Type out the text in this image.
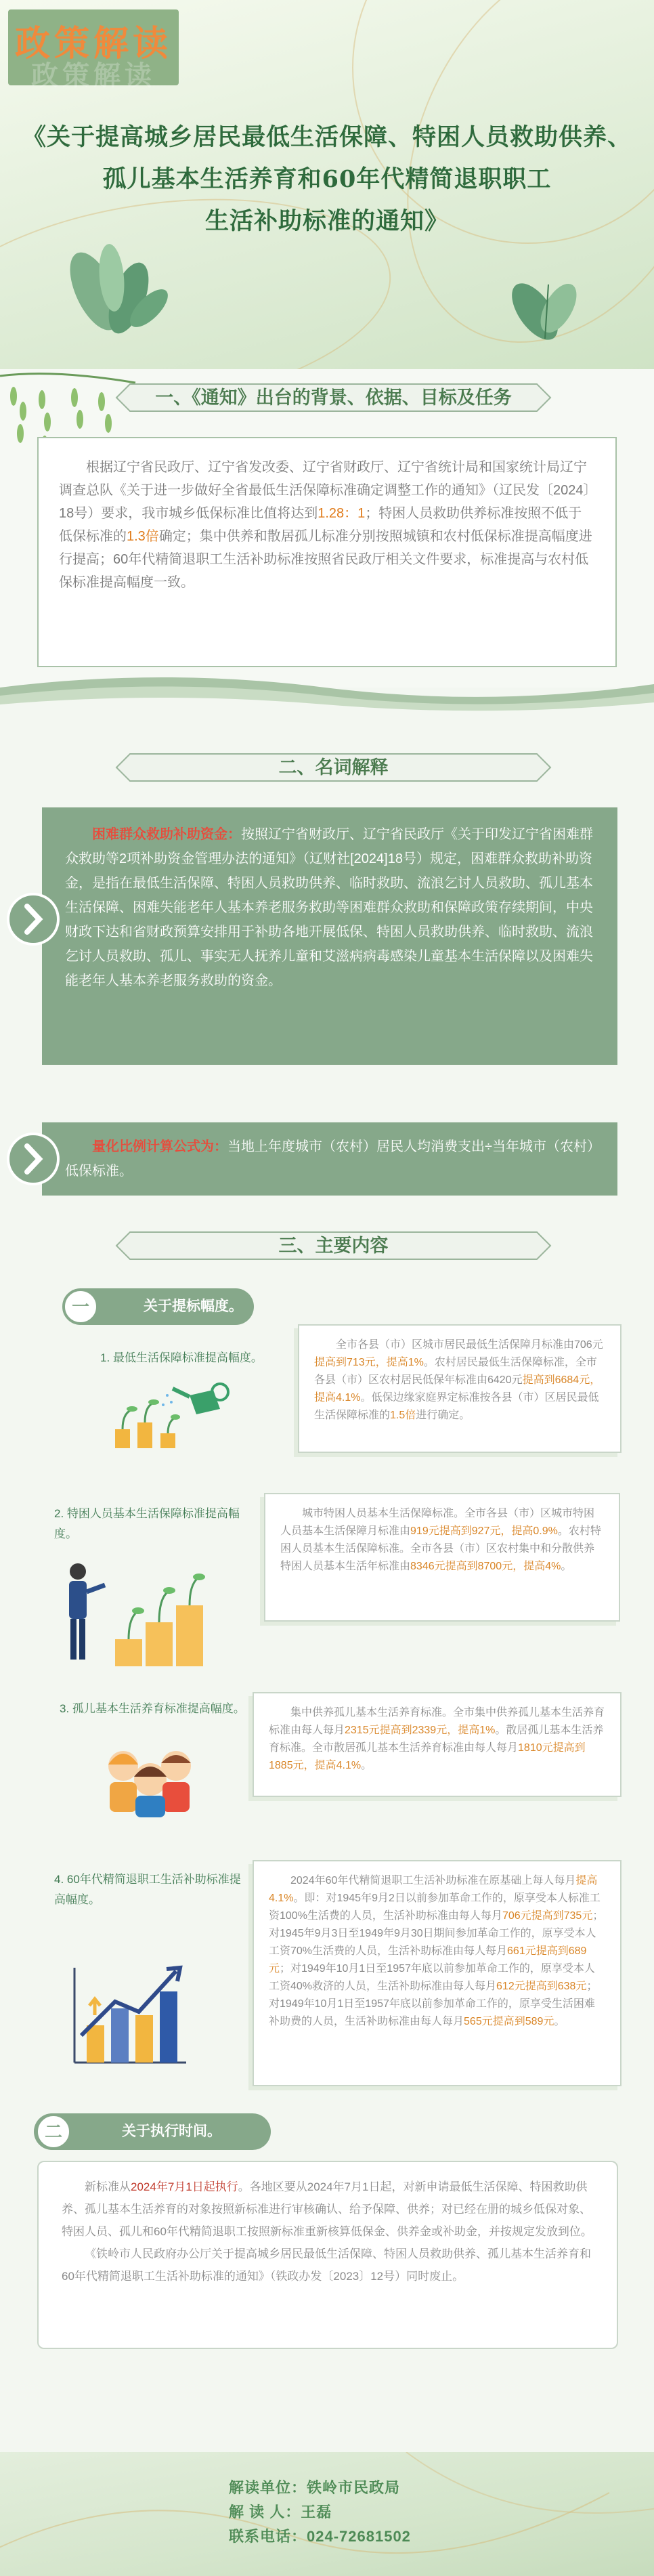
政策解读
政策解读
《关于提高城乡居民最低生活保障、特困人员救助供养、
孤儿基本生活养育和60年代精简退职职工
生活补助标准的通知》
一、《通知》出台的背景、依据、目标及任务

根据辽宁省民政厅、辽宁省发改委、辽宁省财政厅、辽宁省统计局和国家统计局辽宁调查总队《关于进一步做好全省最低生活保障标准确定调整工作的通知》（辽民发〔2024〕18号）要求，我市城乡低保标准比值将达到1.28：1；特困人员救助供养标准按照不低于低保标准的1.3倍确定；集中供养和散居孤儿标准分别按照城镇和农村低保标准提高幅度进行提高；60年代精简退职工生活补助标准按照省民政厅相关文件要求，标准提高与农村低保标准提高幅度一致。

二、名词解释

困难群众救助补助资金：按照辽宁省财政厅、辽宁省民政厅《关于印发辽宁省困难群众救助等2项补助资金管理办法的通知》（辽财社[2024]18号）规定，困难群众救助补助资金，是指在最低生活保障、特困人员救助供养、临时救助、流浪乞讨人员救助、孤儿基本生活保障、困难失能老年人基本养老服务救助等困难群众救助和保障政策存续期间，中央财政下达和省财政预算安排用于补助各地开展低保、特困人员救助供养、临时救助、流浪乞讨人员救助、孤儿、事实无人抚养儿童和艾滋病病毒感染儿童基本生活保障以及困难失能老年人基本养老服务救助的资金。

量化比例计算公式为：当地上年度城市（农村）居民人均消费支出÷当年城市（农村）低保标准。

三、主要内容
一	关于提标幅度。
1. 最低生活保障标准提高幅度。

全市各县（市）区城市居民最低生活保障月标准由706元提高到713元，提高1%。农村居民最低生活保障标准，全市各县（市）区农村居民低保年标准由6420元提高到6684元，提高4.1%。低保边缘家庭界定标准按各县（市）区居民最低生活保障标准的1.5倍进行确定。

2. 特困人员基本生活保障标准提高幅度。

城市特困人员基本生活保障标准。全市各县（市）区城市特困人员基本生活保障月标准由919元提高到927元，提高0.9%。农村特困人员基本生活保障标准。全市各县（市）区农村集中和分散供养特困人员基本生活年标准由8346元提高到8700元，提高4%。

3. 孤儿基本生活养育标准提高幅度。	集中供养孤儿基本生活养育标准。全市集中供养孤儿基本生活养育标准由每人每月2315元提高到2339元，提高1%。散居孤儿基本生活养育标准。全市散居孤儿基本生活养育标准由每人每月1810元提高到1885元，提高4.1%。

4. 60年代精简退职工生活补助标准提高幅度。

2024年60年代精简退职工生活补助标准在原基础上每人每月提高4.1%。即：对1945年9月2日以前参加革命工作的，原享受本人标准工资100%生活费的人员，生活补助标准由每人每月706元提高到735元；对1945年9月3日至1949年9月30日期间参加革命工作的，原享受本人工资70%生活费的人员，生活补助标准由每人每月661元提高到689元；对1949年10月1日至1957年底以前参加革命工作的，原享受本人工资40%救济的人员，生活补助标准由每人每月612元提高到638元；对1949年10月1日至1957年底以前参加革命工作的，原享受生活困难补助费的人员，生活补助标准由每人每月565元提高到589元。

二	关于执行时间。

新标准从2024年7月1日起执行。各地区要从2024年7月1日起，对新申请最低生活保障、特困救助供养、孤儿基本生活养育的对象按照新标准进行审核确认、给予保障、供养；对已经在册的城乡低保对象、特困人员、孤儿和60年代精简退职工按照新标准重新核算低保金、供养金或补助金，并按规定发放到位。

《铁岭市人民政府办公厅关于提高城乡居民最低生活保障、特困人员救助供养、孤儿基本生活养育和60年代精简退职工生活补助标准的通知》（铁政办发〔2023〕12号）同时废止。

解读单位：铁岭市民政局
解 读 人：王磊
联系电话：024-72681502
